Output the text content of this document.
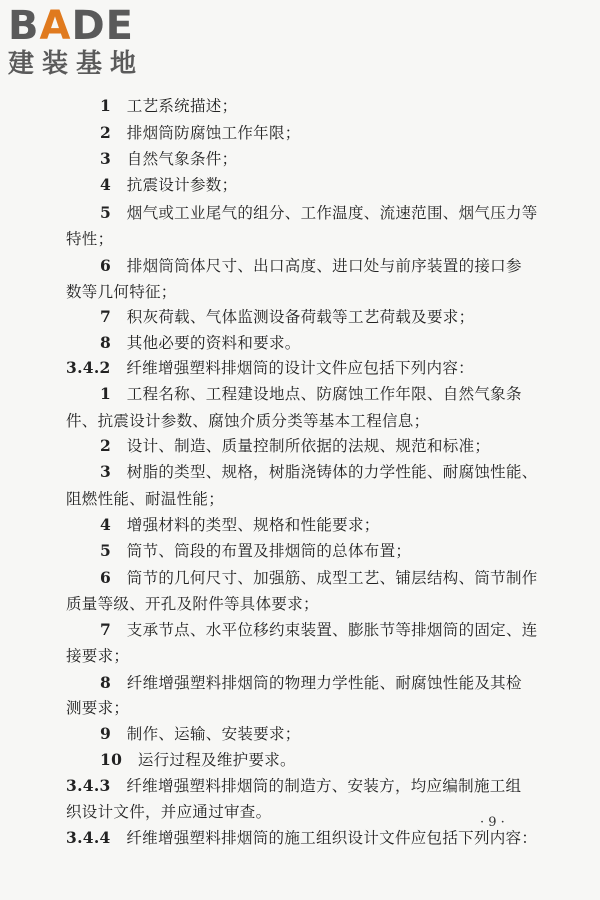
BADE
建装基地
1 工艺系统描述；
2 排烟筒防腐蚀工作年限；
3 自然气象条件；
4 抗震设计参数；
5 烟气或工业尾气的组分、工作温度、流速范围、烟气压力等
特性；
6 排烟筒筒体尺寸、出口高度、进口处与前序装置的接口参
数等几何特征；
7 积灰荷载、气体监测设备荷载等工艺荷载及要求；
8 其他必要的资料和要求。
3.4.2 纤维增强塑料排烟筒的设计文件应包括下列内容：
1 工程名称、工程建设地点、防腐蚀工作年限、自然气象条
件、抗震设计参数、腐蚀介质分类等基本工程信息；
2 设计、制造、质量控制所依据的法规、规范和标准；
3 树脂的类型、规格，树脂浇铸体的力学性能、耐腐蚀性能、
阻燃性能、耐温性能；
4 增强材料的类型、规格和性能要求；
5 筒节、筒段的布置及排烟筒的总体布置；
6 筒节的几何尺寸、加强筋、成型工艺、铺层结构、筒节制作
质量等级、开孔及附件等具体要求；
7 支承节点、水平位移约束装置、膨胀节等排烟筒的固定、连
接要求；
8 纤维增强塑料排烟筒的物理力学性能、耐腐蚀性能及其检
测要求；
9 制作、运输、安装要求；
10 运行过程及维护要求。
3.4.3 纤维增强塑料排烟筒的制造方、安装方，均应编制施工组
织设计文件，并应通过审查。
3.4.4 纤维增强塑料排烟筒的施工组织设计文件应包括下列内容：
· 9 ·
